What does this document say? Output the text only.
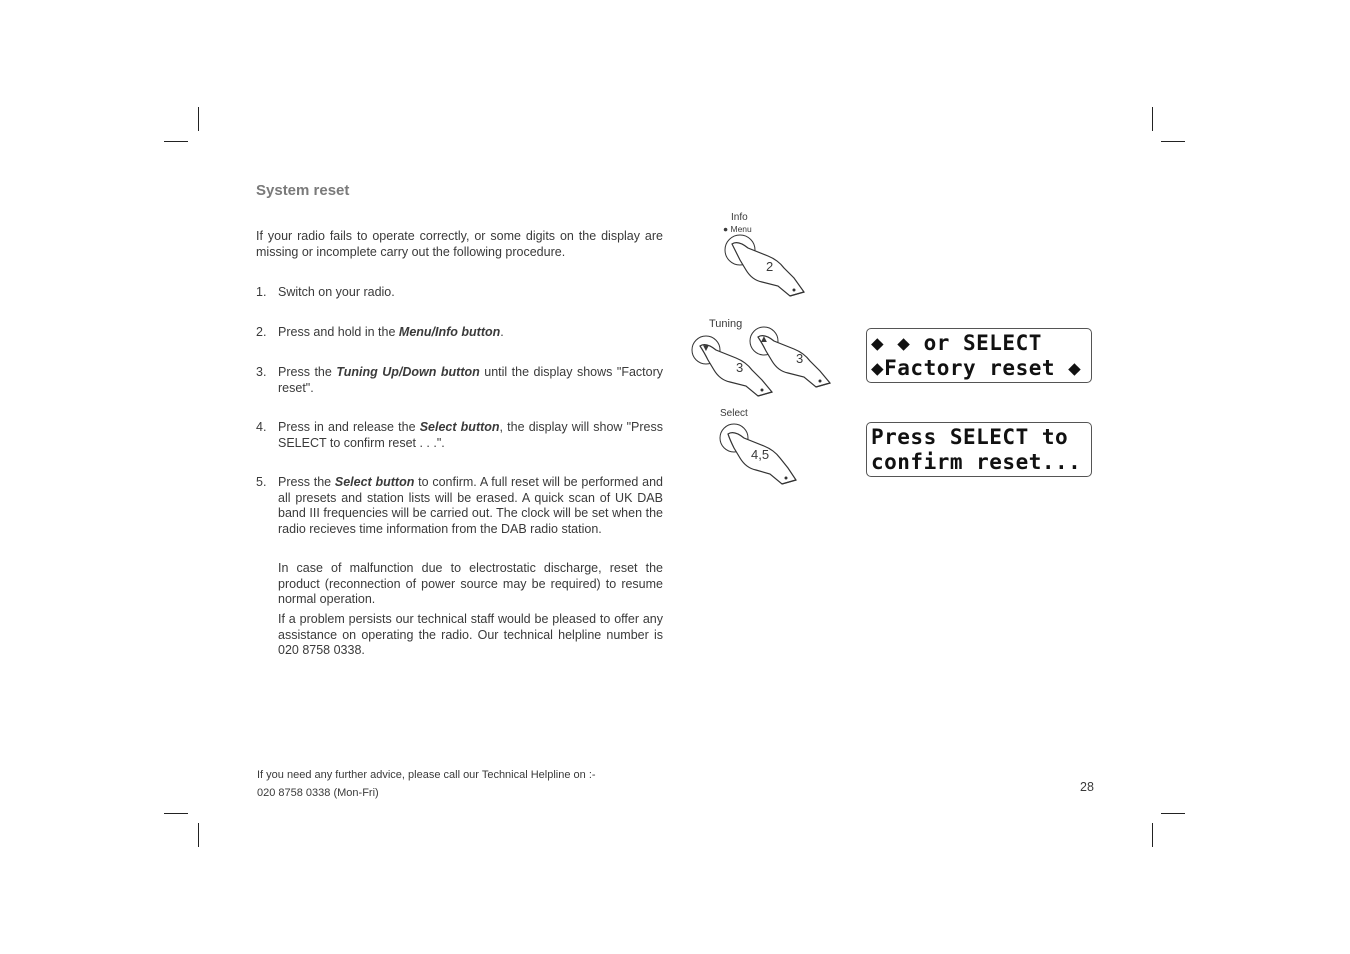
System reset
If your radio fails to operate correctly, or some digits on the display are missing or incomplete carry out the following procedure.
1. Switch on your radio.
2. Press and hold in the Menu/Info button.
3. Press the Tuning Up/Down button until the display shows "Factory reset".
4. Press in and release the Select button, the display will show "Press SELECT to confirm reset . . .".
5. Press the Select button to confirm. A full reset will be performed and all presets and station lists will be erased. A quick scan of UK DAB band III frequencies will be carried out. The clock will be set when the radio recieves time information from the DAB radio station.
In case of malfunction due to electrostatic discharge, reset the product (reconnection of power source may be required) to resume normal operation.
If a problem persists our technical staff would be pleased to offer any assistance on operating the radio. Our technical helpline number is 020 8758 0338.
If you need any further advice, please call our Technical Helpline on :-
020 8758 0338 (Mon-Fri)	28
Info
● Menu
2
Tuning
▼
3
▲
3
Select
4,5
◆ ◆ or SELECT
◆Factory reset ◆
Press SELECT to
confirm reset...
